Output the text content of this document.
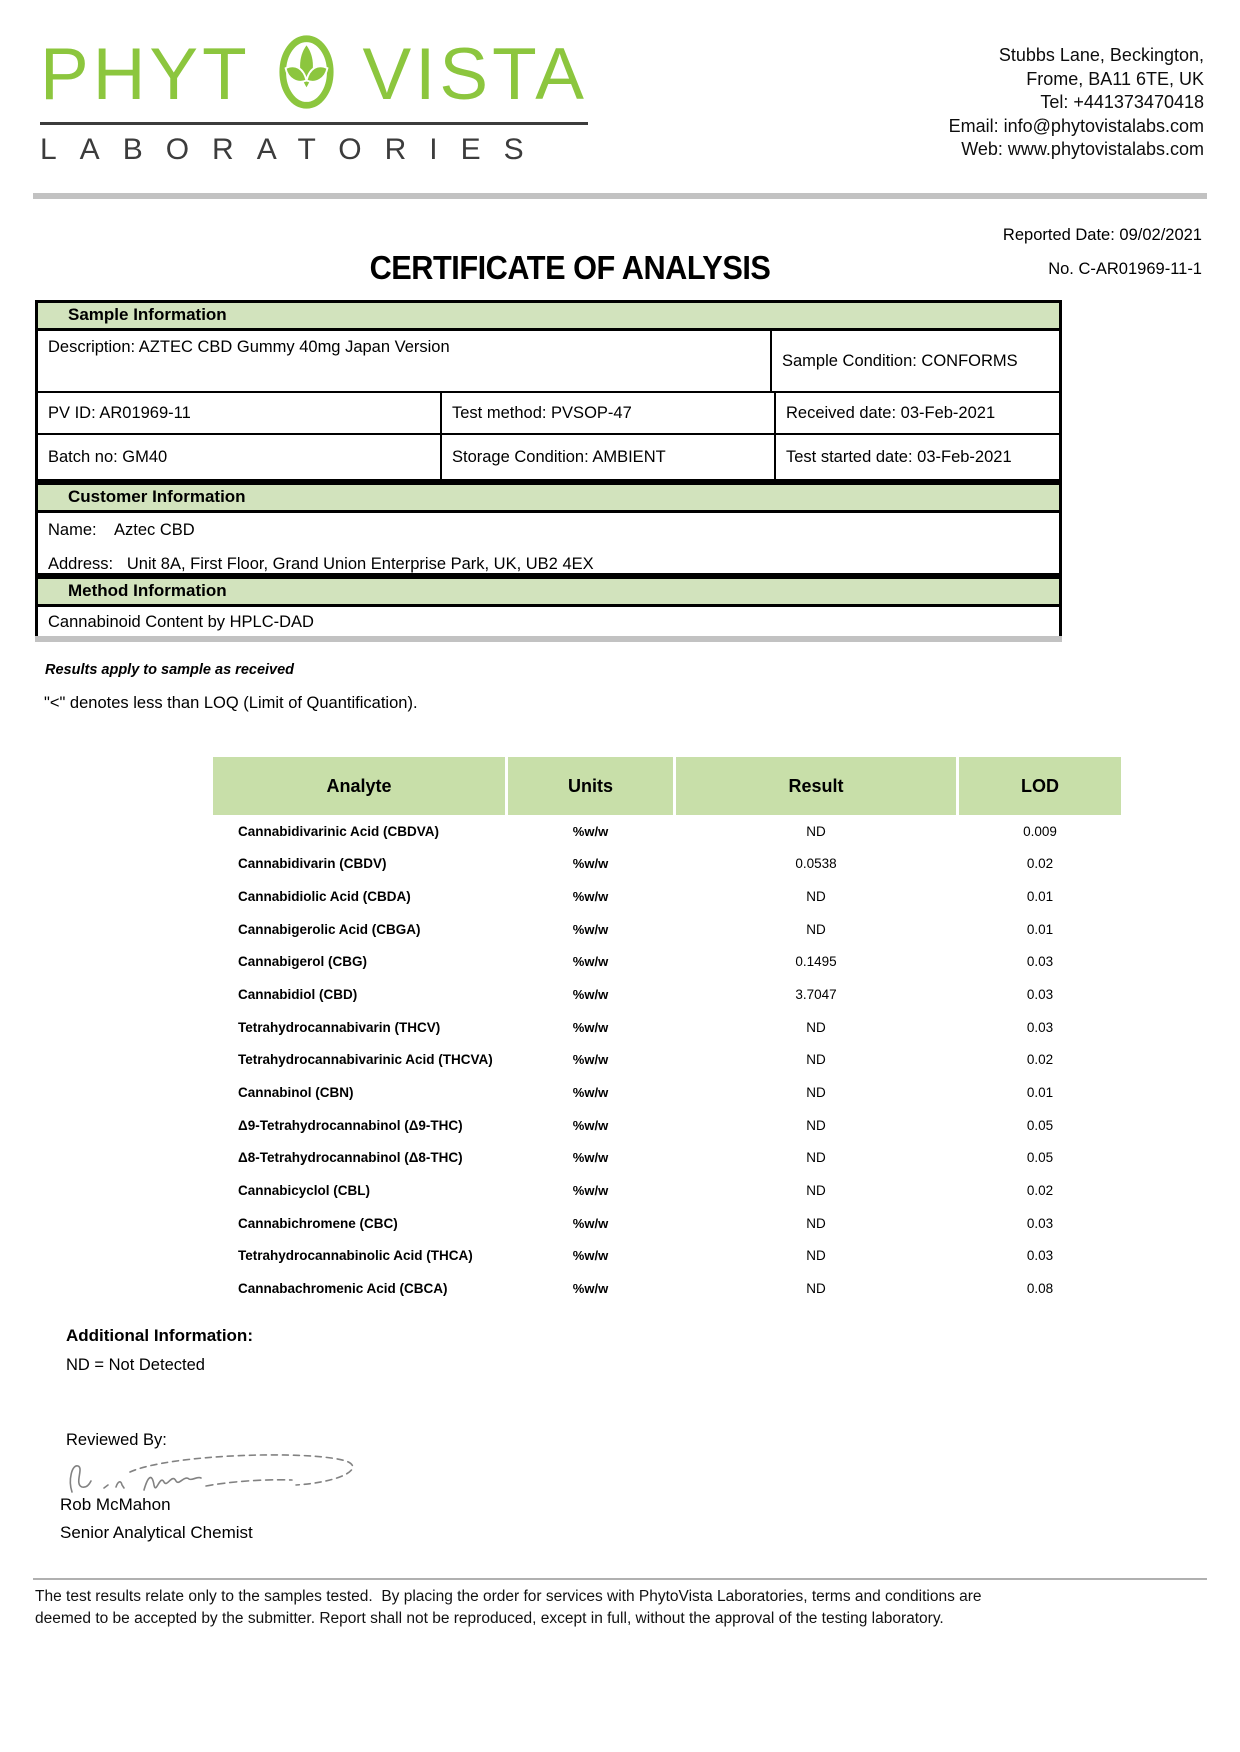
PHYT VISTA
LABORATORIES
Stubbs Lane, Beckington,
Frome, BA11 6TE, UK
Tel: +441373470418
Email: info@phytovistalabs.com
Web: www.phytovistalabs.com
Reported Date: 09/02/2021
CERTIFICATE OF ANALYSIS	No. C-AR01969-11-1
Sample Information
Description: AZTEC CBD Gummy 40mg Japan Version
Sample Condition: CONFORMS
PV ID: AR01969-11	Test method: PVSOP-47	Received date: 03-Feb-2021
Batch no: GM40	Storage Condition: AMBIENT	Test started date: 03-Feb-2021
Customer Information
Name:    Aztec CBD
Address:   Unit 8A, First Floor, Grand Union Enterprise Park, UK, UB2 4EX
Method Information
Cannabinoid Content by HPLC-DAD
Results apply to sample as received
"<" denotes less than LOQ (Limit of Quantification).
Analyte	Units	Result	LOD
Cannabidivarinic Acid (CBDVA)	%w/w	ND	0.009
Cannabidivarin (CBDV)	%w/w	0.0538	0.02
Cannabidiolic Acid (CBDA)	%w/w	ND	0.01
Cannabigerolic Acid (CBGA)	%w/w	ND	0.01
Cannabigerol (CBG)	%w/w	0.1495	0.03
Cannabidiol (CBD)	%w/w	3.7047	0.03
Tetrahydrocannabivarin (THCV)	%w/w	ND	0.03
Tetrahydrocannabivarinic Acid (THCVA)	%w/w	ND	0.02
Cannabinol (CBN)	%w/w	ND	0.01
Δ9-Tetrahydrocannabinol (Δ9-THC)	%w/w	ND	0.05
Δ8-Tetrahydrocannabinol (Δ8-THC)	%w/w	ND	0.05
Cannabicyclol (CBL)	%w/w	ND	0.02
Cannabichromene (CBC)	%w/w	ND	0.03
Tetrahydrocannabinolic Acid (THCA)	%w/w	ND	0.03
Cannabachromenic Acid (CBCA)	%w/w	ND	0.08
Additional Information:
ND = Not Detected
Reviewed By:
Rob McMahon
Senior Analytical Chemist
The test results relate only to the samples tested.  By placing the order for services with PhytoVista Laboratories, terms and conditions are
deemed to be accepted by the submitter. Report shall not be reproduced, except in full, without the approval of the testing laboratory.
